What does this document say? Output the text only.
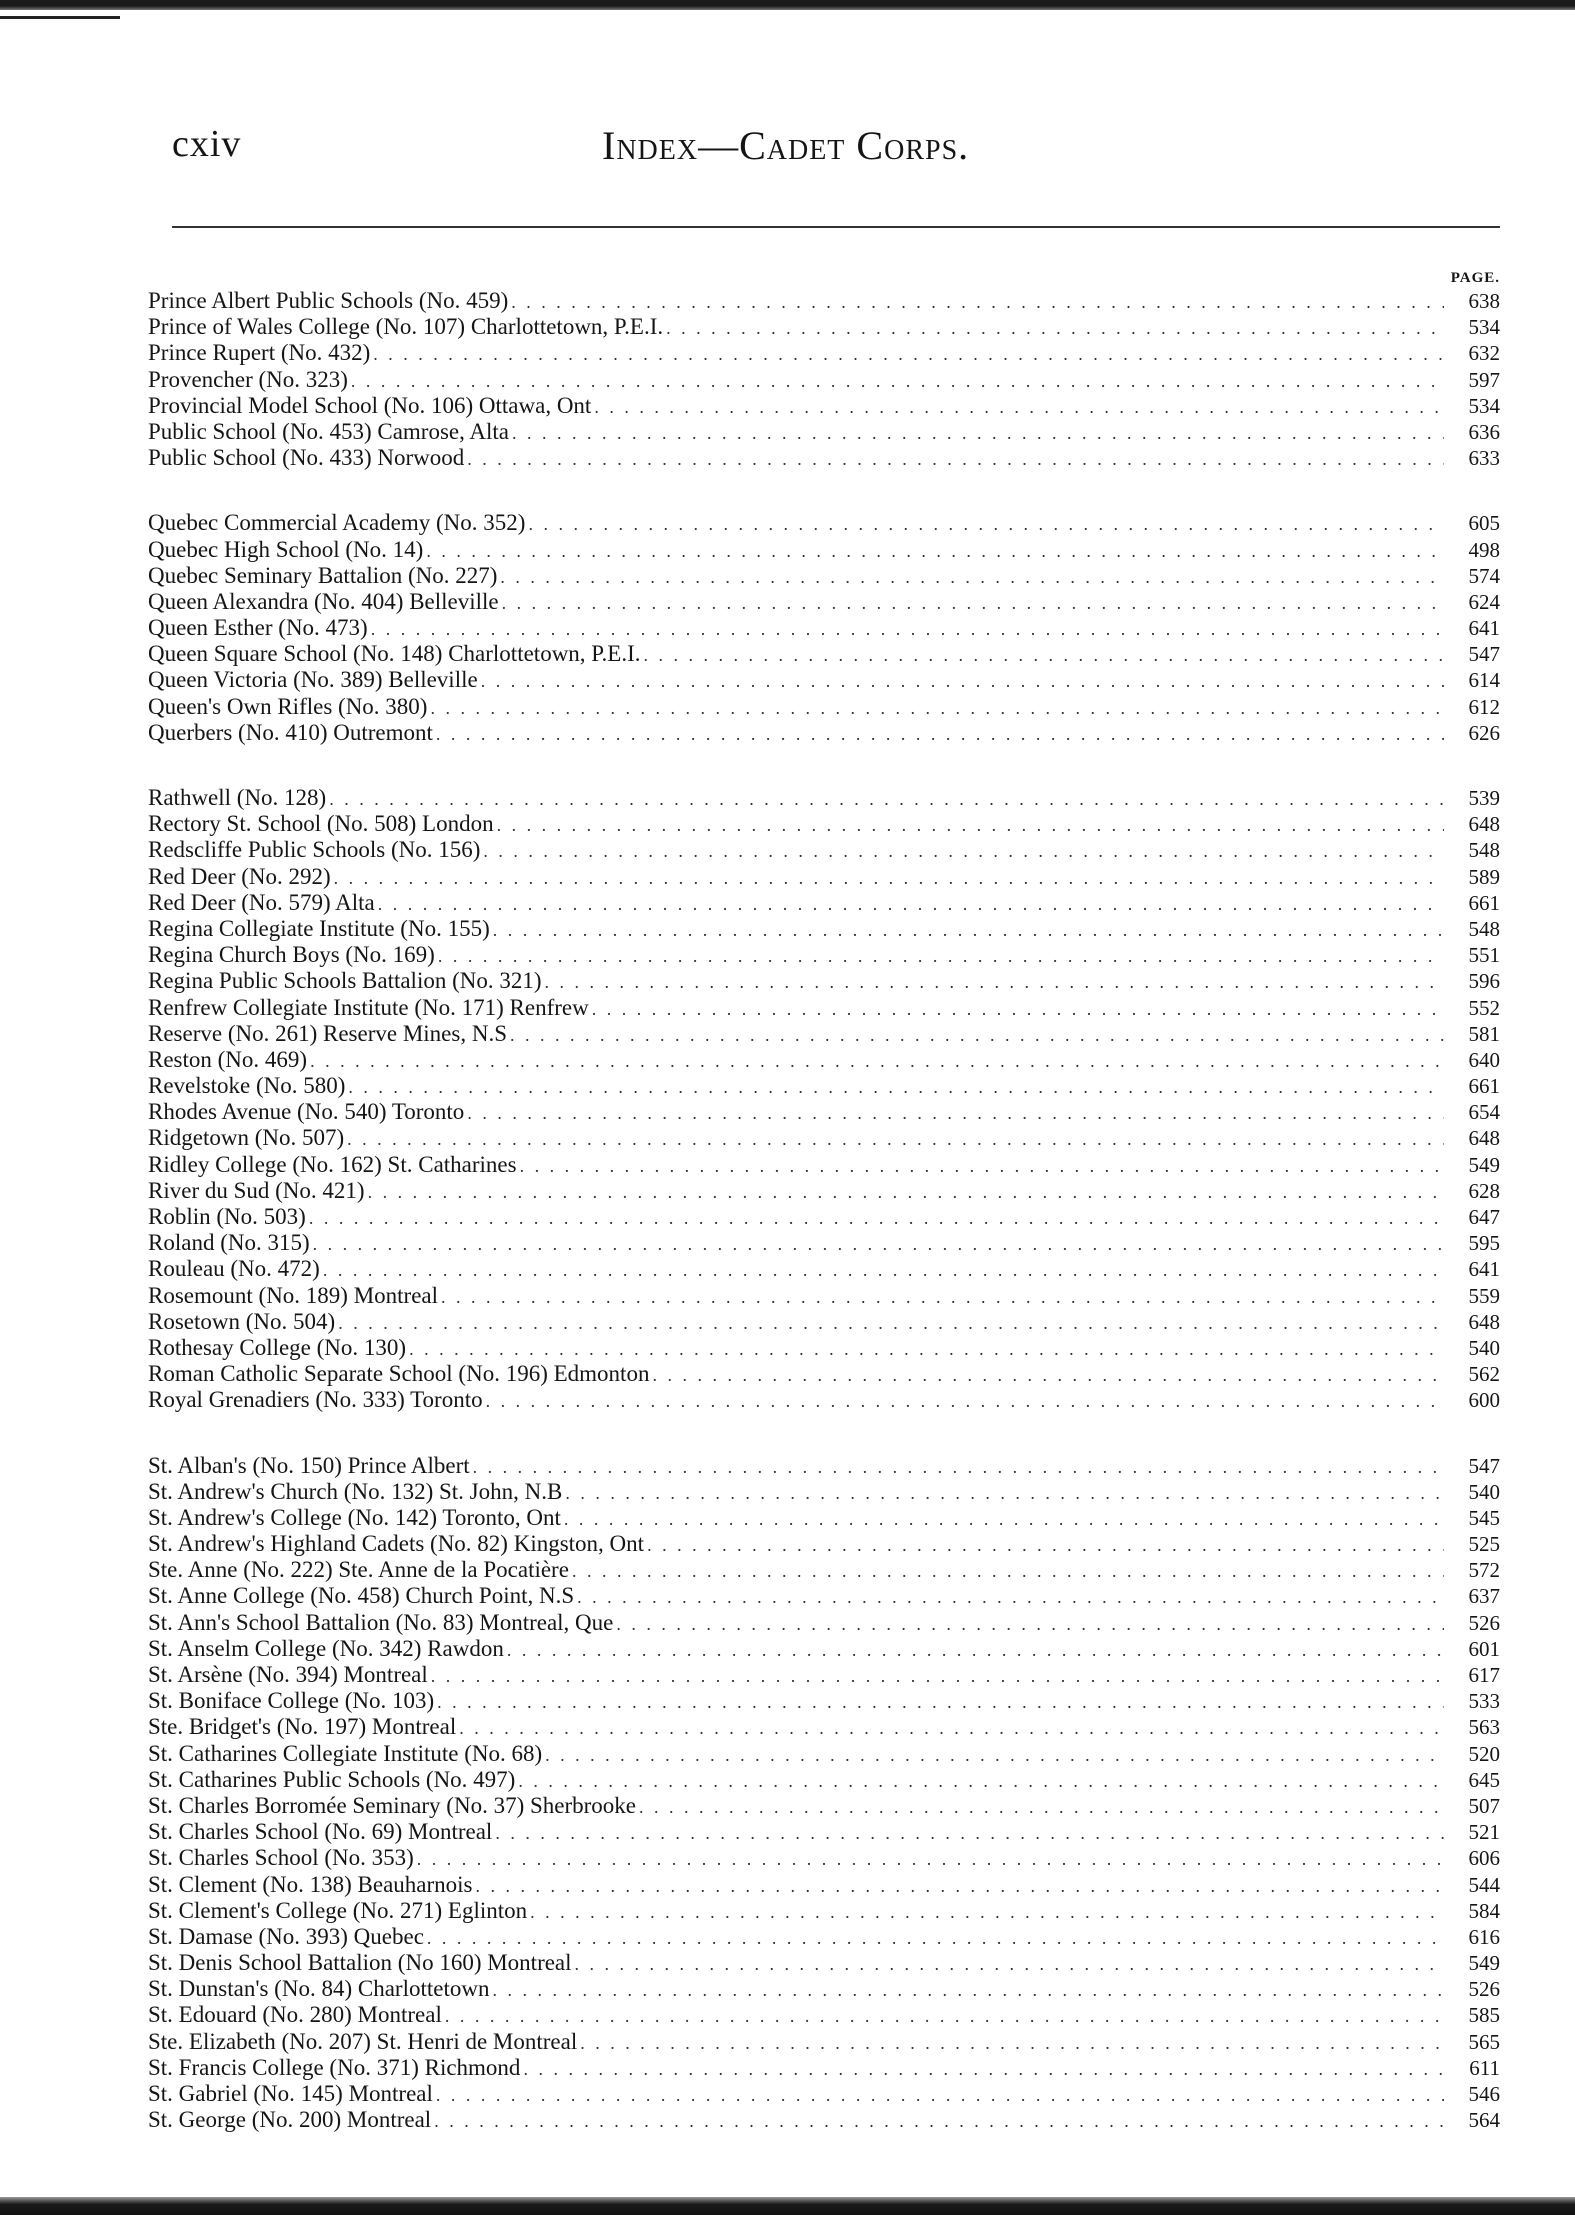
cxiv	Index—Cadet Corps.
PAGE.
Prince Albert Public Schools (No. 459) . . .	638
Prince of Wales College (No. 107) Charlottetown, P.E.I. . . .	534
Prince Rupert (No. 432) . . .	632
Provencher (No. 323) . . .	597
Provincial Model School (No. 106) Ottawa, Ont . . .	534
Public School (No. 453) Camrose, Alta . . .	636
Public School (No. 433) Norwood . . .	633
Quebec Commercial Academy (No. 352) . . .	605
Quebec High School (No. 14) . . .	498
Quebec Seminary Battalion (No. 227) . . .	574
Queen Alexandra (No. 404) Belleville . . .	624
Queen Esther (No. 473) . . .	641
Queen Square School (No. 148) Charlottetown, P.E.I. . . .	547
Queen Victoria (No. 389) Belleville . . .	614
Queen's Own Rifles (No. 380) . . .	612
Querbers (No. 410) Outremont . . .	626
Rathwell (No. 128) . . .	539
Rectory St. School (No. 508) London . . .	648
Redscliffe Public Schools (No. 156) . . .	548
Red Deer (No. 292) . . .	589
Red Deer (No. 579) Alta . . .	661
Regina Collegiate Institute (No. 155) . . .	548
Regina Church Boys (No. 169) . . .	551
Regina Public Schools Battalion (No. 321) . . .	596
Renfrew Collegiate Institute (No. 171) Renfrew . . .	552
Reserve (No. 261) Reserve Mines, N.S . . .	581
Reston (No. 469) . . .	640
Revelstoke (No. 580) . . .	661
Rhodes Avenue (No. 540) Toronto . . .	654
Ridgetown (No. 507) . . .	648
Ridley College (No. 162) St. Catharines . . .	549
River du Sud (No. 421) . . .	628
Roblin (No. 503) . . .	647
Roland (No. 315) . . .	595
Rouleau (No. 472) . . .	641
Rosemount (No. 189) Montreal . . .	559
Rosetown (No. 504) . . .	648
Rothesay College (No. 130) . . .	540
Roman Catholic Separate School (No. 196) Edmonton . . .	562
Royal Grenadiers (No. 333) Toronto . . .	600
St. Alban's (No. 150) Prince Albert . . .	547
St. Andrew's Church (No. 132) St. John, N.B . . .	540
St. Andrew's College (No. 142) Toronto, Ont . . .	545
St. Andrew's Highland Cadets (No. 82) Kingston, Ont . . .	525
Ste. Anne (No. 222) Ste. Anne de la Pocatière . . .	572
St. Anne College (No. 458) Church Point, N.S . . .	637
St. Ann's School Battalion (No. 83) Montreal, Que . . .	526
St. Anselm College (No. 342) Rawdon . . .	601
St. Arsène (No. 394) Montreal . . .	617
St. Boniface College (No. 103) . . .	533
Ste. Bridget's (No. 197) Montreal . . .	563
St. Catharines Collegiate Institute (No. 68) . . .	520
St. Catharines Public Schools (No. 497) . . .	645
St. Charles Borromée Seminary (No. 37) Sherbrooke . . .	507
St. Charles School (No. 69) Montreal . . .	521
St. Charles School (No. 353) . . .	606
St. Clement (No. 138) Beauharnois . . .	544
St. Clement's College (No. 271) Eglinton . . .	584
St. Damase (No. 393) Quebec . . .	616
St. Denis School Battalion (No 160) Montreal . . .	549
St. Dunstan's (No. 84) Charlottetown . . .	526
St. Edouard (No. 280) Montreal . . .	585
Ste. Elizabeth (No. 207) St. Henri de Montreal . . .	565
St. Francis College (No. 371) Richmond . . .	611
St. Gabriel (No. 145) Montreal . . .	546
St. George (No. 200) Montreal . . .	564
